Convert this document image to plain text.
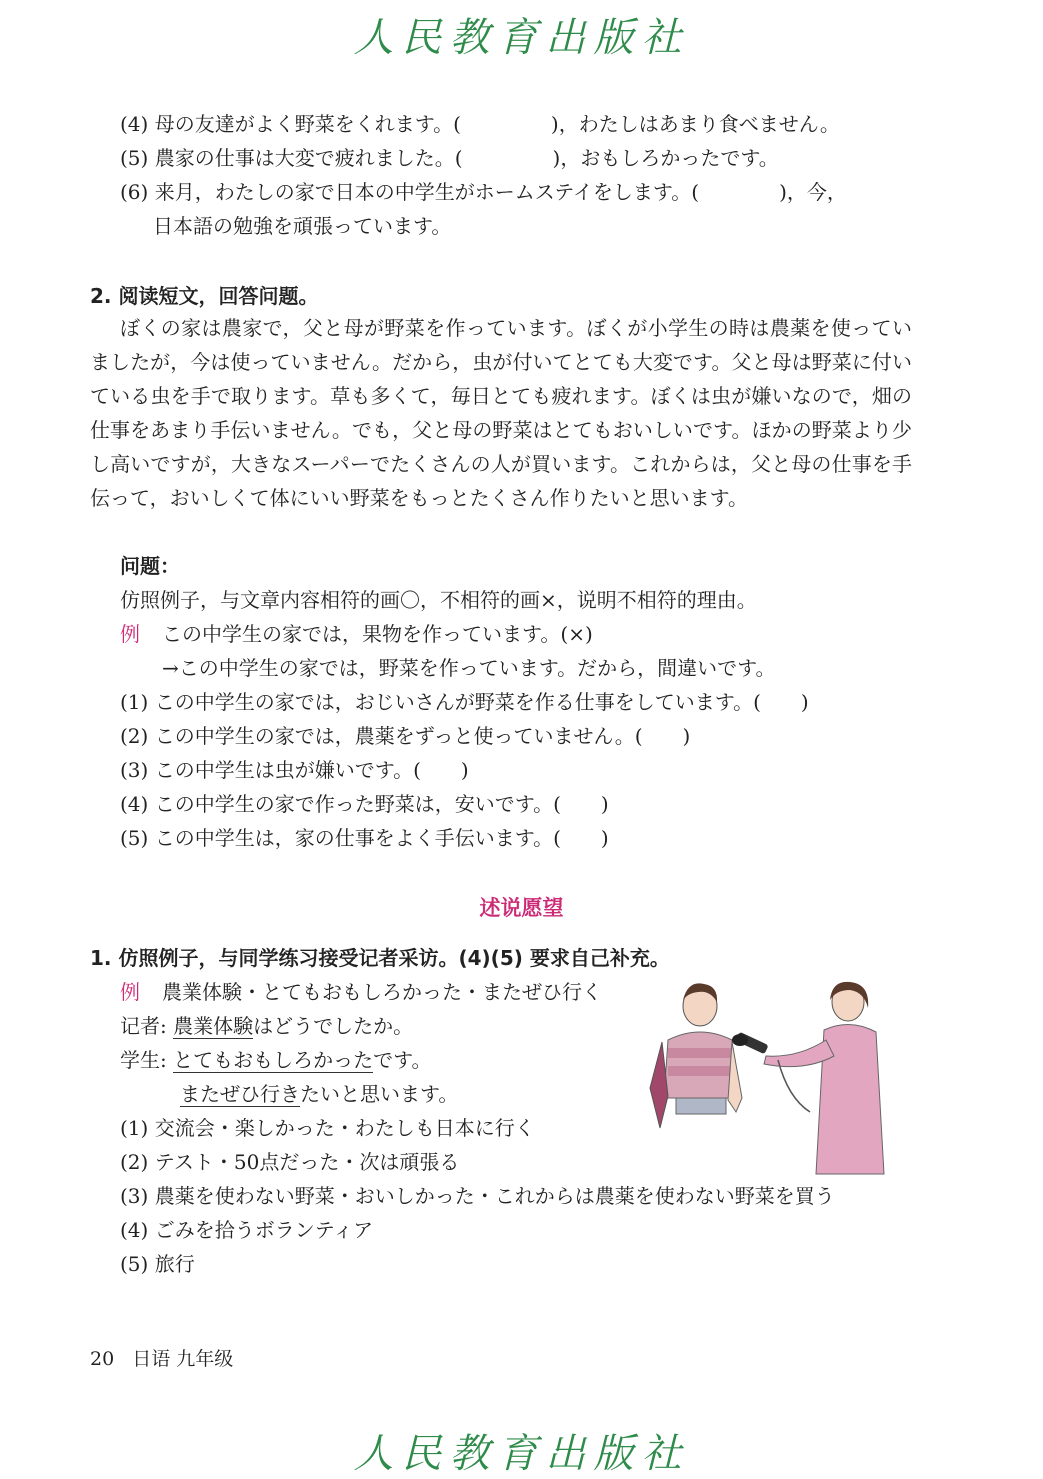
人民教育出版社
(4) 母の友達がよく野菜をくれます。(	)，わたしはあまり食べません。
(5) 農家の仕事は大変で疲れました。(	)，おもしろかったです。
(6) 来月，わたしの家で日本の中学生がホームステイをします。(	)，今，
日本語の勉強を頑張っています。
2. 阅读短文，回答问题。
ぼくの家は農家で，父と母が野菜を作っています。ぼくが小学生の時は農薬を使っていましたが，今は使っていません。だから，虫が付いてとても大変です。父と母は野菜に付いている虫を手で取ります。草も多くて，毎日とても疲れます。ぼくは虫が嫌いなので，畑の仕事をあまり手伝いません。でも，父と母の野菜はとてもおいしいです。ほかの野菜より少し高いですが，大きなスーパーでたくさんの人が買います。これからは，父と母の仕事を手伝って，おいしくて体にいい野菜をもっとたくさん作りたいと思います。
问题：
仿照例子，与文章内容相符的画〇，不相符的画×，说明不相符的理由。
例 この中学生の家では，果物を作っています。(×)
→この中学生の家では，野菜を作っています。だから，間違いです。
(1) この中学生の家では，おじいさんが野菜を作る仕事をしています。(　　)
(2) この中学生の家では，農薬をずっと使っていません。(　　)
(3) この中学生は虫が嫌いです。(　　)
(4) この中学生の家で作った野菜は，安いです。(　　)
(5) この中学生は，家の仕事をよく手伝います。(　　)
述说愿望
1. 仿照例子，与同学练习接受记者采访。(4)(5) 要求自己补充。
例 農業体験・とてもおもしろかった・またぜひ行く
记者: 農業体験はどうでしたか。
学生: とてもおもしろかったです。
またぜひ行きたいと思います。
(1) 交流会・楽しかった・わたしも日本に行く
(2) テスト・50点だった・次は頑張る
(3) 農薬を使わない野菜・おいしかった・これからは農薬を使わない野菜を買う
(4) ごみを拾うボランティア
(5) 旅行
20 日语 九年级
人民教育出版社
